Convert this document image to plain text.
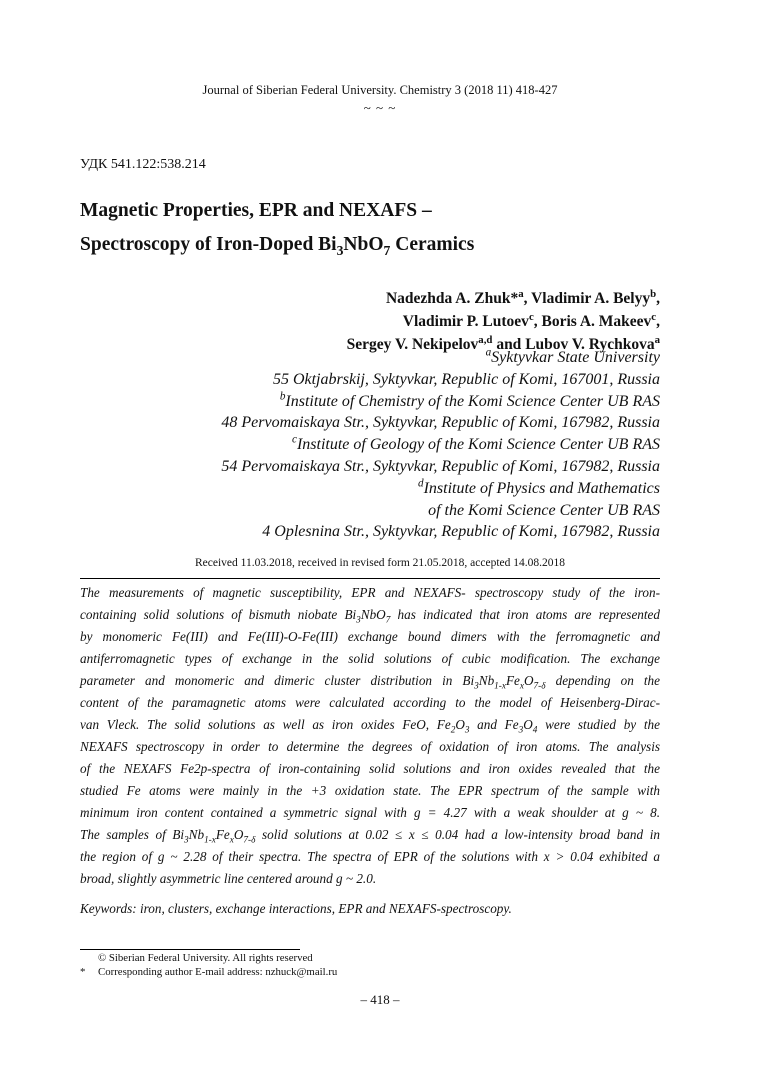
Journal of Siberian Federal University. Chemistry 3 (2018 11) 418-427
~ ~ ~
УДК 541.122:538.214
Magnetic Properties, EPR and NEXAFS –
Spectroscopy of Iron-Doped $Bi_3NbO_7$ Ceramics
Nadezhda A. Zhuk*$^a$, Vladimir A. Belyy$^b$,
Vladimir P. Lutoev$^c$, Boris A. Makeev$^c$,
Sergey V. Nekipelov$^{a,d}$ and Lubov V. Rychkova$^a$
$^a$Syktyvkar State University
55 Oktjabrskij, Syktyvkar, Republic of Komi, 167001, Russia
$^b$Institute of Chemistry of the Komi Science Center UB RAS
48 Pervomaiskaya Str., Syktyvkar, Republic of Komi, 167982, Russia
$^c$Institute of Geology of the Komi Science Center UB RAS
54 Pervomaiskaya Str., Syktyvkar, Republic of Komi, 167982, Russia
$^d$Institute of Physics and Mathematics
of the Komi Science Center UB RAS
4 Oplesnina Str., Syktyvkar, Republic of Komi, 167982, Russia
Received 11.03.2018, received in revised form 21.05.2018, accepted 14.08.2018
The measurements of magnetic susceptibility, EPR and NEXAFS- spectroscopy study of the iron-
containing solid solutions of bismuth niobate $Bi_3NbO_7$ has indicated that iron atoms are represented
by monomeric Fe(III) and Fe(III)-O-Fe(III) exchange bound dimers with the ferromagnetic and
antiferromagnetic types of exchange in the solid solutions of cubic modification. The exchange
parameter and monomeric and dimeric cluster distribution in $Bi_3Nb_{1-x}Fe_xO_{7-\delta}$ depending on the
content of the paramagnetic atoms were calculated according to the model of Heisenberg-Dirac-
van Vleck. The solid solutions as well as iron oxides FeO, $Fe_2O_3$ and $Fe_3O_4$ were studied by the
NEXAFS spectroscopy in order to determine the degrees of oxidation of iron atoms. The analysis
of the NEXAFS Fe2p-spectra of iron-containing solid solutions and iron oxides revealed that the
studied Fe atoms were mainly in the +3 oxidation state. The EPR spectrum of the sample with
minimum iron content contained a symmetric signal with g = 4.27 with a weak shoulder at g ~ 8.
The samples of $Bi_3Nb_{1-x}Fe_xO_{7-\delta}$ solid solutions at 0.02 ≤ x ≤ 0.04 had a low-intensity broad band in
the region of g ~ 2.28 of their spectra. The spectra of EPR of the solutions with x > 0.04 exhibited a
broad, slightly asymmetric line centered around g ~ 2.0.
Keywords: iron, clusters, exchange interactions, EPR and NEXAFS-spectroscopy.
© Siberian Federal University. All rights reserved
* Corresponding author E-mail address: nzhuck@mail.ru
– 418 –
